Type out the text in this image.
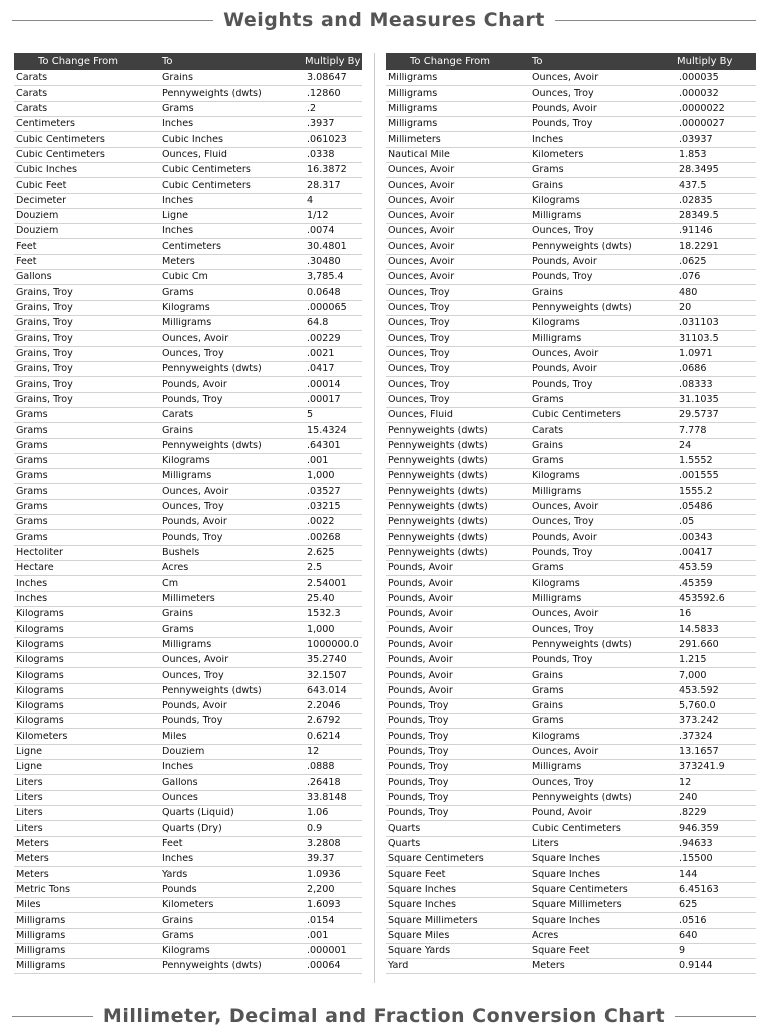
Weights and Measures Chart
To Change From	To	Multiply By
Carats	Grains	3.08647
Carats	Pennyweights (dwts)	.12860
Carats	Grams	.2
Centimeters	Inches	.3937
Cubic Centimeters	Cubic Inches	.061023
Cubic Centimeters	Ounces, Fluid	.0338
Cubic Inches	Cubic Centimeters	16.3872
Cubic Feet	Cubic Centimeters	28.317
Decimeter	Inches	4
Douziem	Ligne	1/12
Douziem	Inches	.0074
Feet	Centimeters	30.4801
Feet	Meters	.30480
Gallons	Cubic Cm	3,785.4
Grains, Troy	Grams	0.0648
Grains, Troy	Kilograms	.000065
Grains, Troy	Milligrams	64.8
Grains, Troy	Ounces, Avoir	.00229
Grains, Troy	Ounces, Troy	.0021
Grains, Troy	Pennyweights (dwts)	.0417
Grains, Troy	Pounds, Avoir	.00014
Grains, Troy	Pounds, Troy	.00017
Grams	Carats	5
Grams	Grains	15.4324
Grams	Pennyweights (dwts)	.64301
Grams	Kilograms	.001
Grams	Milligrams	1,000
Grams	Ounces, Avoir	.03527
Grams	Ounces, Troy	.03215
Grams	Pounds, Avoir	.0022
Grams	Pounds, Troy	.00268
Hectoliter	Bushels	2.625
Hectare	Acres	2.5
Inches	Cm	2.54001
Inches	Millimeters	25.40
Kilograms	Grains	1532.3
Kilograms	Grams	1,000
Kilograms	Milligrams	1000000.0
Kilograms	Ounces, Avoir	35.2740
Kilograms	Ounces, Troy	32.1507
Kilograms	Pennyweights (dwts)	643.014
Kilograms	Pounds, Avoir	2.2046
Kilograms	Pounds, Troy	2.6792
Kilometers	Miles	0.6214
Ligne	Douziem	12
Ligne	Inches	.0888
Liters	Gallons	.26418
Liters	Ounces	33.8148
Liters	Quarts (Liquid)	1.06
Liters	Quarts (Dry)	0.9
Meters	Feet	3.2808
Meters	Inches	39.37
Meters	Yards	1.0936
Metric Tons	Pounds	2,200
Miles	Kilometers	1.6093
Milligrams	Grains	.0154
Milligrams	Grams	.001
Milligrams	Kilograms	.000001
Milligrams	Pennyweights (dwts)	.00064
To Change From	To	Multiply By
Milligrams	Ounces, Avoir	.000035
Milligrams	Ounces, Troy	.000032
Milligrams	Pounds, Avoir	.0000022
Milligrams	Pounds, Troy	.0000027
Millimeters	Inches	.03937
Nautical Mile	Kilometers	1.853
Ounces, Avoir	Grams	28.3495
Ounces, Avoir	Grains	437.5
Ounces, Avoir	Kilograms	.02835
Ounces, Avoir	Milligrams	28349.5
Ounces, Avoir	Ounces, Troy	.91146
Ounces, Avoir	Pennyweights (dwts)	18.2291
Ounces, Avoir	Pounds, Avoir	.0625
Ounces, Avoir	Pounds, Troy	.076
Ounces, Troy	Grains	480
Ounces, Troy	Pennyweights (dwts)	20
Ounces, Troy	Kilograms	.031103
Ounces, Troy	Milligrams	31103.5
Ounces, Troy	Ounces, Avoir	1.0971
Ounces, Troy	Pounds, Avoir	.0686
Ounces, Troy	Pounds, Troy	.08333
Ounces, Troy	Grams	31.1035
Ounces, Fluid	Cubic Centimeters	29.5737
Pennyweights (dwts)	Carats	7.778
Pennyweights (dwts)	Grains	24
Pennyweights (dwts)	Grams	1.5552
Pennyweights (dwts)	Kilograms	.001555
Pennyweights (dwts)	Milligrams	1555.2
Pennyweights (dwts)	Ounces, Avoir	.05486
Pennyweights (dwts)	Ounces, Troy	.05
Pennyweights (dwts)	Pounds, Avoir	.00343
Pennyweights (dwts)	Pounds, Troy	.00417
Pounds, Avoir	Grams	453.59
Pounds, Avoir	Kilograms	.45359
Pounds, Avoir	Milligrams	453592.6
Pounds, Avoir	Ounces, Avoir	16
Pounds, Avoir	Ounces, Troy	14.5833
Pounds, Avoir	Pennyweights (dwts)	291.660
Pounds, Avoir	Pounds, Troy	1.215
Pounds, Avoir	Grains	7,000
Pounds, Avoir	Grams	453.592
Pounds, Troy	Grains	5,760.0
Pounds, Troy	Grams	373.242
Pounds, Troy	Kilograms	.37324
Pounds, Troy	Ounces, Avoir	13.1657
Pounds, Troy	Milligrams	373241.9
Pounds, Troy	Ounces, Troy	12
Pounds, Troy	Pennyweights (dwts)	240
Pounds, Troy	Pound, Avoir	.8229
Quarts	Cubic Centimeters	946.359
Quarts	Liters	.94633
Square Centimeters	Square Inches	.15500
Square Feet	Square Inches	144
Square Inches	Square Centimeters	6.45163
Square Inches	Square Millimeters	625
Square Millimeters	Square Inches	.0516
Square Miles	Acres	640
Square Yards	Square Feet	9
Yard	Meters	0.9144
Millimeter, Decimal and Fraction Conversion Chart
